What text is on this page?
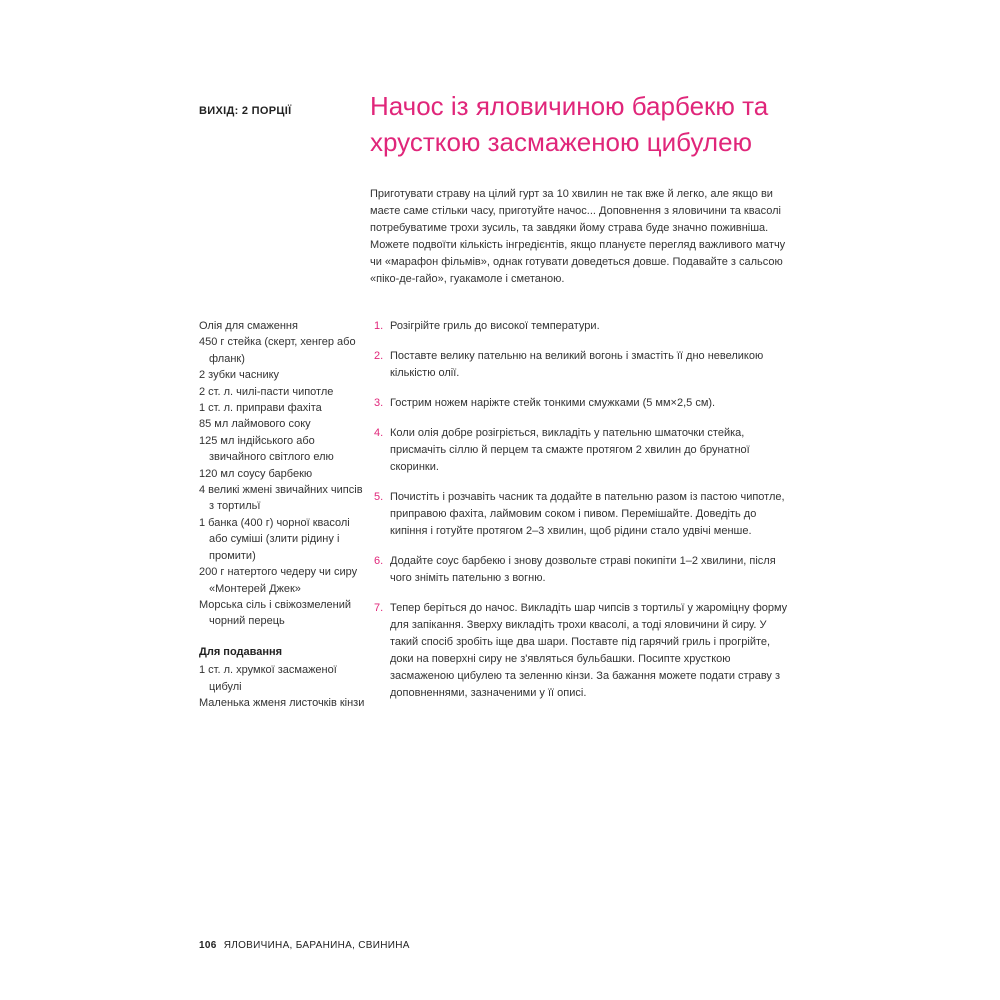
ВИХІД: 2 ПОРЦІЇ	Начос із яловичиною барбекю та хрусткою засмаженою цибулею

Приготувати страву на цілий гурт за 10 хвилин не так вже й легко, але якщо ви маєте саме стільки часу, приготуйте начос... Доповнення з яловичини та квасолі потребуватиме трохи зусиль, та завдяки йому страва буде значно поживніша. Можете подвоїти кількість інгредієнтів, якщо плануєте перегляд важливого матчу чи «марафон фільмів», однак готувати доведеться довше. Подавайте з сальсою «піко-де-гайо», гуакамоле і сметаною.

Олія для смаження
450 г стейка (скерт, хенгер або фланк)
2 зубки часнику
2 ст. л. чилі-пасти чипотле
1 ст. л. приправи фахіта
85 мл лаймового соку
125 мл індійського або звичайного світлого елю
120 мл соусу барбекю
4 великі жмені звичайних чипсів з тортильї
1 банка (400 г) чорної квасолі або суміші (злити рідину і промити)
200 г натертого чедеру чи сиру «Монтерей Джек»
Морська сіль і свіжозмелений чорний перець
Для подавання
1 ст. л. хрумкої засмаженої цибулі
Маленька жменя листочків кінзи
1. Розігрійте гриль до високої температури.
2. Поставте велику пательню на великий вогонь і змастіть її дно невеликою кількістю олії.
3. Гострим ножем наріжте стейк тонкими смужками (5 мм×2,5 см).
4. Коли олія добре розігріється, викладіть у пательню шматочки стейка, присмачіть сіллю й перцем та смажте протягом 2 хвилин до брунатної скоринки.
5. Почистіть і розчавіть часник та додайте в пательню разом із пастою чипотле, приправою фахіта, лаймовим соком і пивом. Перемішайте. Доведіть до кипіння і готуйте протягом 2–3 хвилин, щоб рідини стало удвічі менше.
6. Додайте соус барбекю і знову дозвольте страві покипіти 1–2 хвилини, після чого зніміть пательню з вогню.
7. Тепер беріться до начос. Викладіть шар чипсів з тортильї у жароміцну форму для запікання. Зверху викладіть трохи квасолі, а тоді яловичини й сиру. У такий спосіб зробіть іще два шари. Поставте під гарячий гриль і прогрійте, доки на поверхні сиру не з'являться бульбашки. Посипте хрусткою засмаженою цибулею та зеленню кінзи. За бажання можете подати страву з доповненнями, зазначеними у її описі.
106 ЯЛОВИЧИНА, БАРАНИНА, СВИНИНА
